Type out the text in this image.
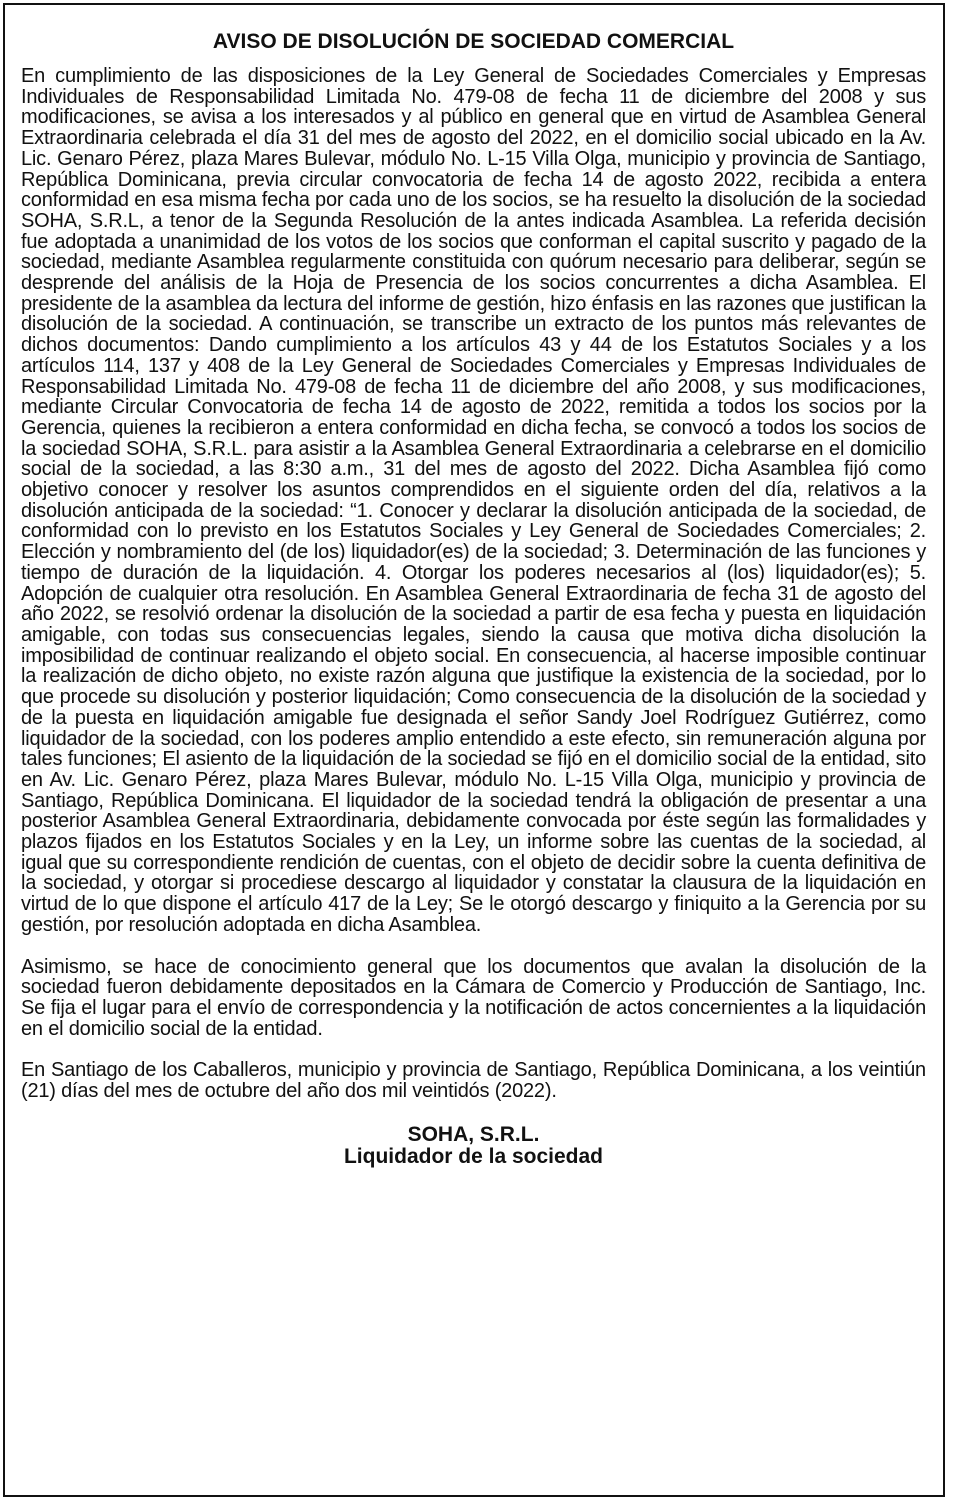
AVISO DE DISOLUCIÓN DE SOCIEDAD COMERCIAL

En cumplimiento de las disposiciones de la Ley General de Sociedades Comerciales y Empresas Individuales de Responsabilidad Limitada No. 479-08 de fecha 11 de diciembre del 2008 y sus modificaciones, se avisa a los interesados y al público en general que en virtud de Asamblea General Extraordinaria celebrada el día 31 del mes de agosto del 2022, en el domicilio social ubicado en la Av. Lic. Genaro Pérez, plaza Mares Bulevar, módulo No. L-15 Villa Olga, municipio y provincia de Santiago, República Dominicana, previa circular convocatoria de fecha 14 de agosto 2022, recibida a entera conformidad en esa misma fecha por cada uno de los socios, se ha resuelto la disolución de la sociedad SOHA, S.R.L, a tenor de la Segunda Resolución de la antes indicada Asamblea. La referida decisión fue adoptada a unanimidad de los votos de los socios que conforman el capital suscrito y pagado de la sociedad, mediante Asamblea regularmente constituida con quórum necesario para deliberar, según se desprende del análisis de la Hoja de Presencia de los socios concurrentes a dicha Asamblea. El presidente de la asamblea da lectura del informe de gestión, hizo énfasis en las razones que justifican la disolución de la sociedad. A continuación, se transcribe un extracto de los puntos más relevantes de dichos documentos: Dando cumplimiento a los artículos 43 y 44 de los Estatutos Sociales y a los artículos 114, 137 y 408 de la Ley General de Sociedades Comerciales y Empresas Individuales de Responsabilidad Limitada No. 479-08 de fecha 11 de diciembre del año 2008, y sus modificaciones, mediante Circular Convocatoria de fecha 14 de agosto de 2022, remitida a todos los socios por la Gerencia, quienes la recibieron a entera conformidad en dicha fecha, se convocó a todos los socios de la sociedad SOHA, S.R.L. para asistir a la Asamblea General Extraordinaria a celebrarse en el domicilio social de la sociedad, a las 8:30 a.m., 31 del mes de agosto del 2022. Dicha Asamblea fijó como objetivo conocer y resolver los asuntos comprendidos en el siguiente orden del día, relativos a la disolución anticipada de la sociedad: “1. Conocer y declarar la disolución anticipada de la sociedad, de conformidad con lo previsto en los Estatutos Sociales y Ley General de Sociedades Comerciales; 2. Elección y nombramiento del (de los) liquidador(es) de la sociedad; 3. Determinación de las funciones y tiempo de duración de la liquidación. 4. Otorgar los poderes necesarios al (los) liquidador(es); 5. Adopción de cualquier otra resolución. En Asamblea General Extraordinaria de fecha 31 de agosto del año 2022, se resolvió ordenar la disolución de la sociedad a partir de esa fecha y puesta en liquidación amigable, con todas sus consecuencias legales, siendo la causa que motiva dicha disolución la imposibilidad de continuar realizando el objeto social. En consecuencia, al hacerse imposible continuar la realización de dicho objeto, no existe razón alguna que justifique la existencia de la sociedad, por lo que procede su disolución y posterior liquidación; Como consecuencia de la disolución de la sociedad y de la puesta en liquidación amigable fue designada el señor Sandy Joel Rodríguez Gutiérrez, como liquidador de la sociedad, con los poderes amplio entendido a este efecto, sin remuneración alguna por tales funciones; El asiento de la liquidación de la sociedad se fijó en el domicilio social de la entidad, sito en Av. Lic. Genaro Pérez, plaza Mares Bulevar, módulo No. L-15 Villa Olga, municipio y provincia de Santiago, República Dominicana. El liquidador de la sociedad tendrá la obligación de presentar a una posterior Asamblea General Extraordinaria, debidamente convocada por éste según las formalidades y plazos fijados en los Estatutos Sociales y en la Ley, un informe sobre las cuentas de la sociedad, al igual que su correspondiente rendición de cuentas, con el objeto de decidir sobre la cuenta definitiva de la sociedad, y otorgar si procediese descargo al liquidador y constatar la clausura de la liquidación en virtud de lo que dispone el artículo 417 de la Ley; Se le otorgó descargo y finiquito a la Gerencia por su gestión, por resolución adoptada en dicha Asamblea.

Asimismo, se hace de conocimiento general que los documentos que avalan la disolución de la sociedad fueron debidamente depositados en la Cámara de Comercio y Producción de Santiago, Inc. Se fija el lugar para el envío de correspondencia y la notificación de actos concernientes a la liquidación en el domicilio social de la entidad.

En Santiago de los Caballeros, municipio y provincia de Santiago, República Dominicana, a los veintiún (21) días del mes de octubre del año dos mil veintidós (2022).

SOHA, S.R.L.
Liquidador de la sociedad
